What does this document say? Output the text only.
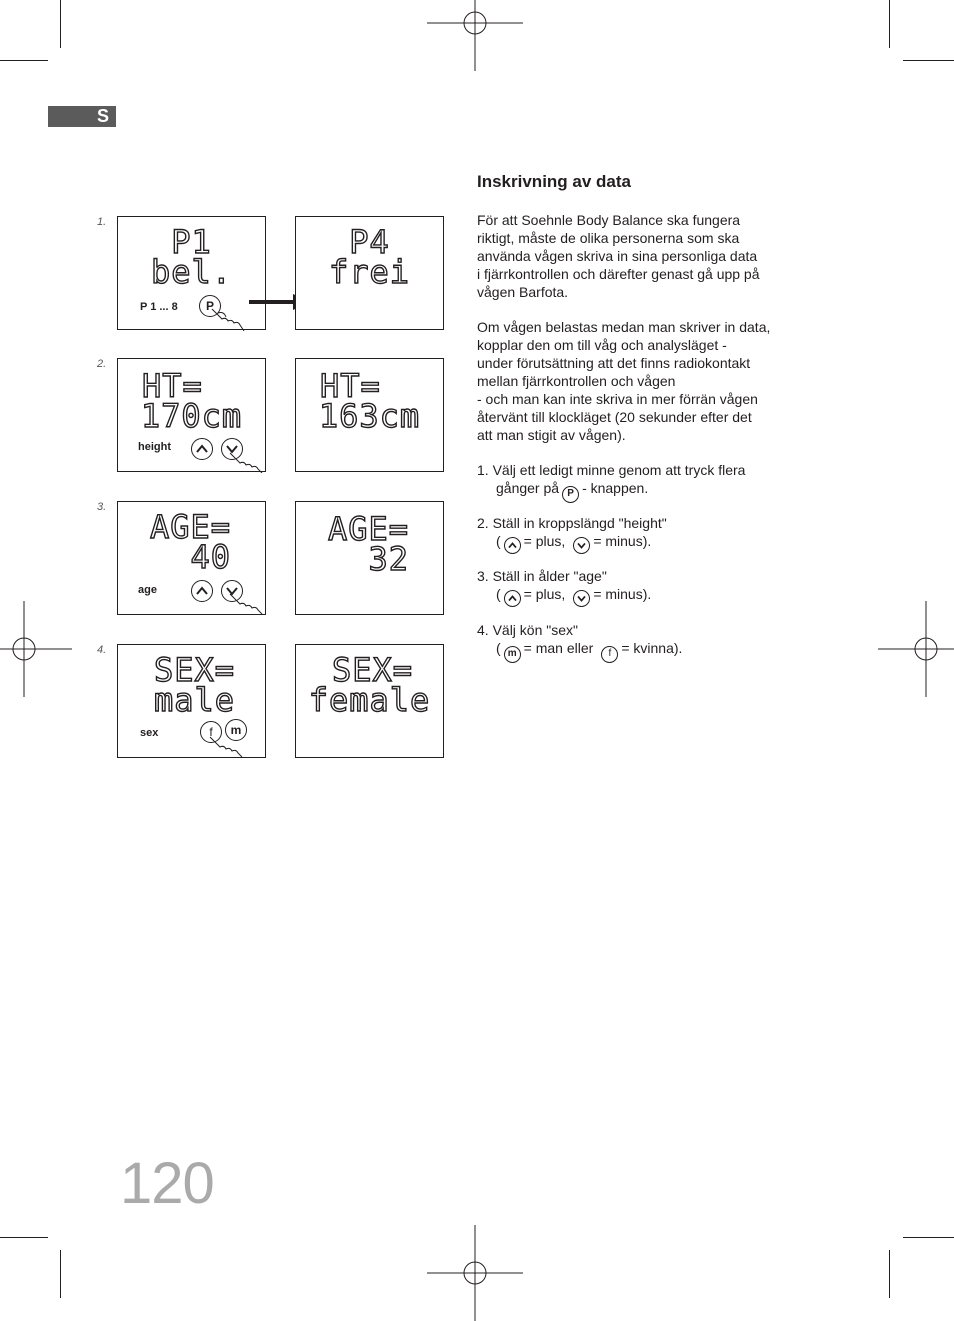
S
1.
P1
bel.
P 1 ... 8	P
P4
frei
2.
HT=
170cm
height
HT=
163cm
3.
AGE=
40
age
AGE=
32
4.
SEX=
male
sex	f	m
SEX=
female
Inskrivning av data
För att Soehnle Body Balance ska fungera
riktigt, måste de olika personerna som ska
använda vågen skriva in sina personliga data
i fjärrkontrollen och därefter genast gå upp på
vågen Barfota.
Om vågen belastas medan man skriver in data,
kopplar den om till våg och analysläget -
under förutsättning att det finns radiokontakt
mellan fjärrkontrollen och vågen
- och man kan inte skriva in mer förrän vågen
återvänt till klockläget (20 sekunder efter det
att man stigit av vågen).
1. Välj ett ledigt minne genom att tryck flera
gånger på P - knappen.
2. Ställ in kroppslängd "height"
( = plus, = minus).
3. Ställ in ålder "age"
( = plus, = minus).
4. Välj kön "sex"
( m = man eller f = kvinna).
120
